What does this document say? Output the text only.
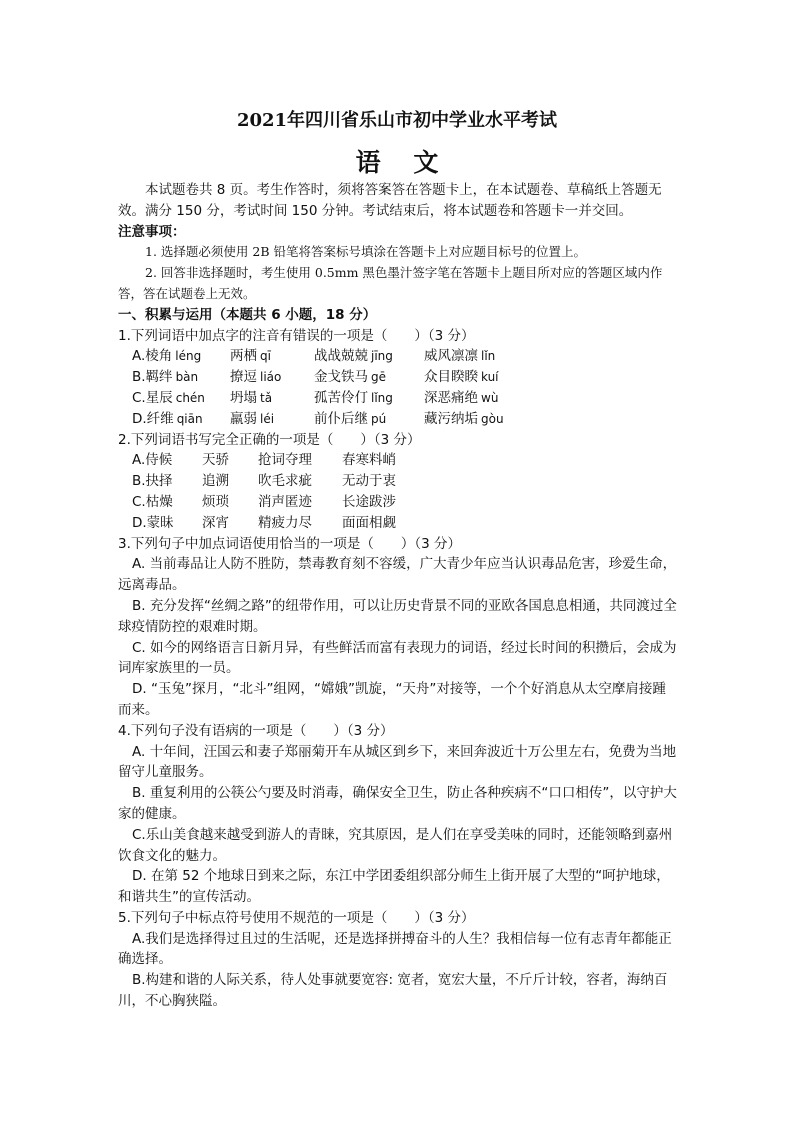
2021年四川省乐山市初中学业水平考试
语 文

本试题卷共 8 页。考生作答时，须将答案答在答题卡上，在本试题卷、草稿纸上答题无效。满分 150 分，考试时间 150 分钟。考试结束后，将本试题卷和答题卡一并交回。

注意事项：

1. 选择题必须使用 2B 铅笔将答案标号填涂在答题卡上对应题目标号的位置上。

2. 回答非选择题时，考生使用 0.5mm 黑色墨汁签字笔在答题卡上题目所对应的答题区域内作答，答在试题卷上无效。

一、积累与运用（本题共 6 小题，18 分）

1.下列词语中加点字的注音有错误的一项是（　　）（3 分）

A.棱角 léng	两栖 qī	战战兢兢 jīng	威风凛凛 lǐn
B.羁绊 bàn	撩逗 liáo	金戈铁马 gē	众目睽睽 kuí
C.星辰 chén	坍塌 tǎ	孤苦伶仃 lǐng	深恶痛绝 wù
D.纤维 qiān	羸弱 léi	前仆后继 pú	藏污纳垢 gòu

2.下列词语书写完全正确的一项是（　　）（3 分）

A.侍候	天骄	抢词夺理	春寒料峭
B.抉择	追溯	吹毛求疵	无动于衷
C.枯燥	烦琐	消声匿迹	长途跋涉
D.蒙昧	深宵	精疲力尽	面面相觑

3.下列句子中加点词语使用恰当的一项是（　　）（3 分）

A. 当前毒品让人防不胜防，禁毒教育刻不容缓，广大青少年应当认识毒品危害，珍爱生命，远离毒品。

B. 充分发挥“丝绸之路”的纽带作用，可以让历史背景不同的亚欧各国息息相通，共同渡过全球疫情防控的艰难时期。

C. 如今的网络语言日新月异，有些鲜活而富有表现力的词语，经过长时间的积攒后，会成为词库家族里的一员。

D. “玉兔”探月，“北斗”组网，“嫦娥”凯旋，“天舟”对接等，一个个好消息从太空摩肩接踵而来。

4.下列句子没有语病的一项是（　　）（3 分）

A. 十年间，汪国云和妻子郑丽菊开车从城区到乡下，来回奔波近十万公里左右，免费为当地留守儿童服务。

B. 重复利用的公筷公勺要及时消毒，确保安全卫生，防止各种疾病不“口口相传”，以守护大家的健康。

C.乐山美食越来越受到游人的青睐，究其原因，是人们在享受美味的同时，还能领略到嘉州饮食文化的魅力。

D. 在第 52 个地球日到来之际，东江中学团委组织部分师生上街开展了大型的“呵护地球，和谐共生”的宣传活动。

5.下列句子中标点符号使用不规范的一项是（　　）（3 分）

A.我们是选择得过且过的生活呢，还是选择拼搏奋斗的人生？我相信每一位有志青年都能正确选择。

B.构建和谐的人际关系，待人处事就要宽容: 宽者，宽宏大量，不斤斤计较，容者，海纳百川，不心胸狭隘。
